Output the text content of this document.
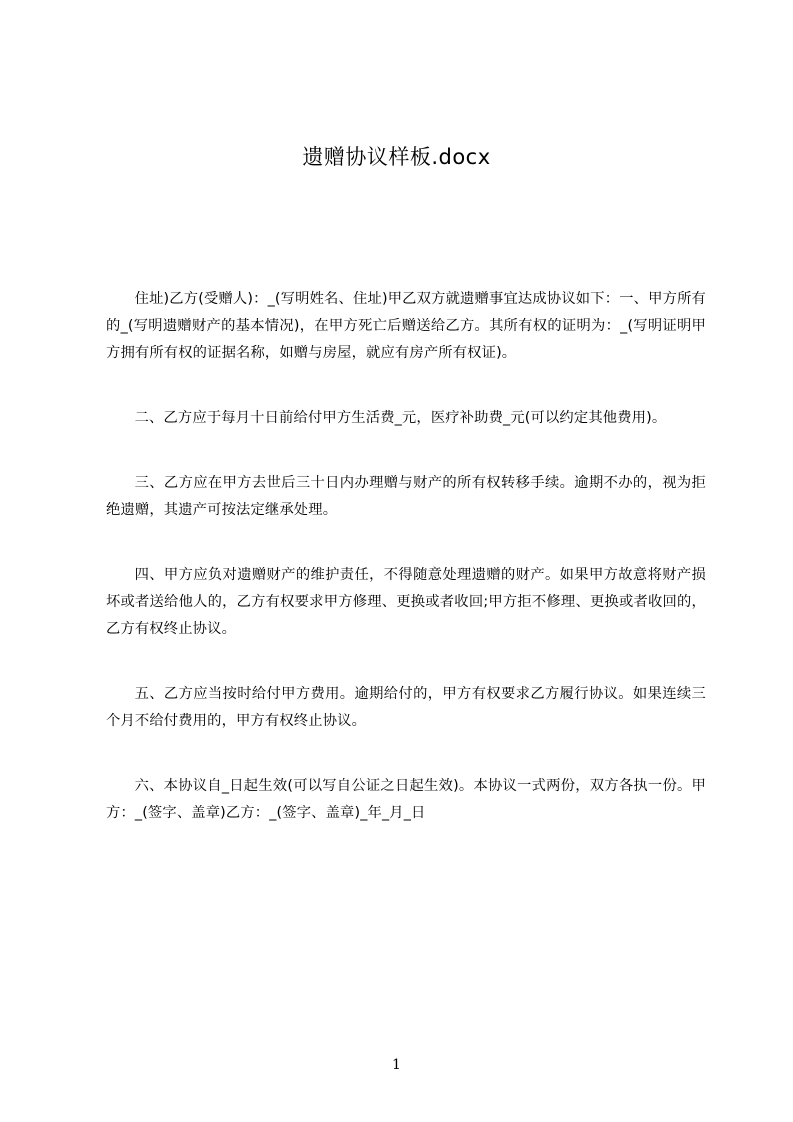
遗赠协议样板.docx

住址)乙方(受赠人)：_(写明姓名、住址)甲乙双方就遗赠事宜达成协议如下：一、甲方所有的_(写明遗赠财产的基本情况)，在甲方死亡后赠送给乙方。其所有权的证明为：_(写明证明甲方拥有所有权的证据名称，如赠与房屋，就应有房产所有权证)。

二、乙方应于每月十日前给付甲方生活费_元，医疗补助费_元(可以约定其他费用)。

三、乙方应在甲方去世后三十日内办理赠与财产的所有权转移手续。逾期不办的，视为拒绝遗赠，其遗产可按法定继承处理。

四、甲方应负对遗赠财产的维护责任，不得随意处理遗赠的财产。如果甲方故意将财产损坏或者送给他人的，乙方有权要求甲方修理、更换或者收回;甲方拒不修理、更换或者收回的，乙方有权终止协议。

五、乙方应当按时给付甲方费用。逾期给付的，甲方有权要求乙方履行协议。如果连续三个月不给付费用的，甲方有权终止协议。

六、本协议自_日起生效(可以写自公证之日起生效)。本协议一式两份，双方各执一份。甲方：_(签字、盖章)乙方：_(签字、盖章)_年_月_日

1
